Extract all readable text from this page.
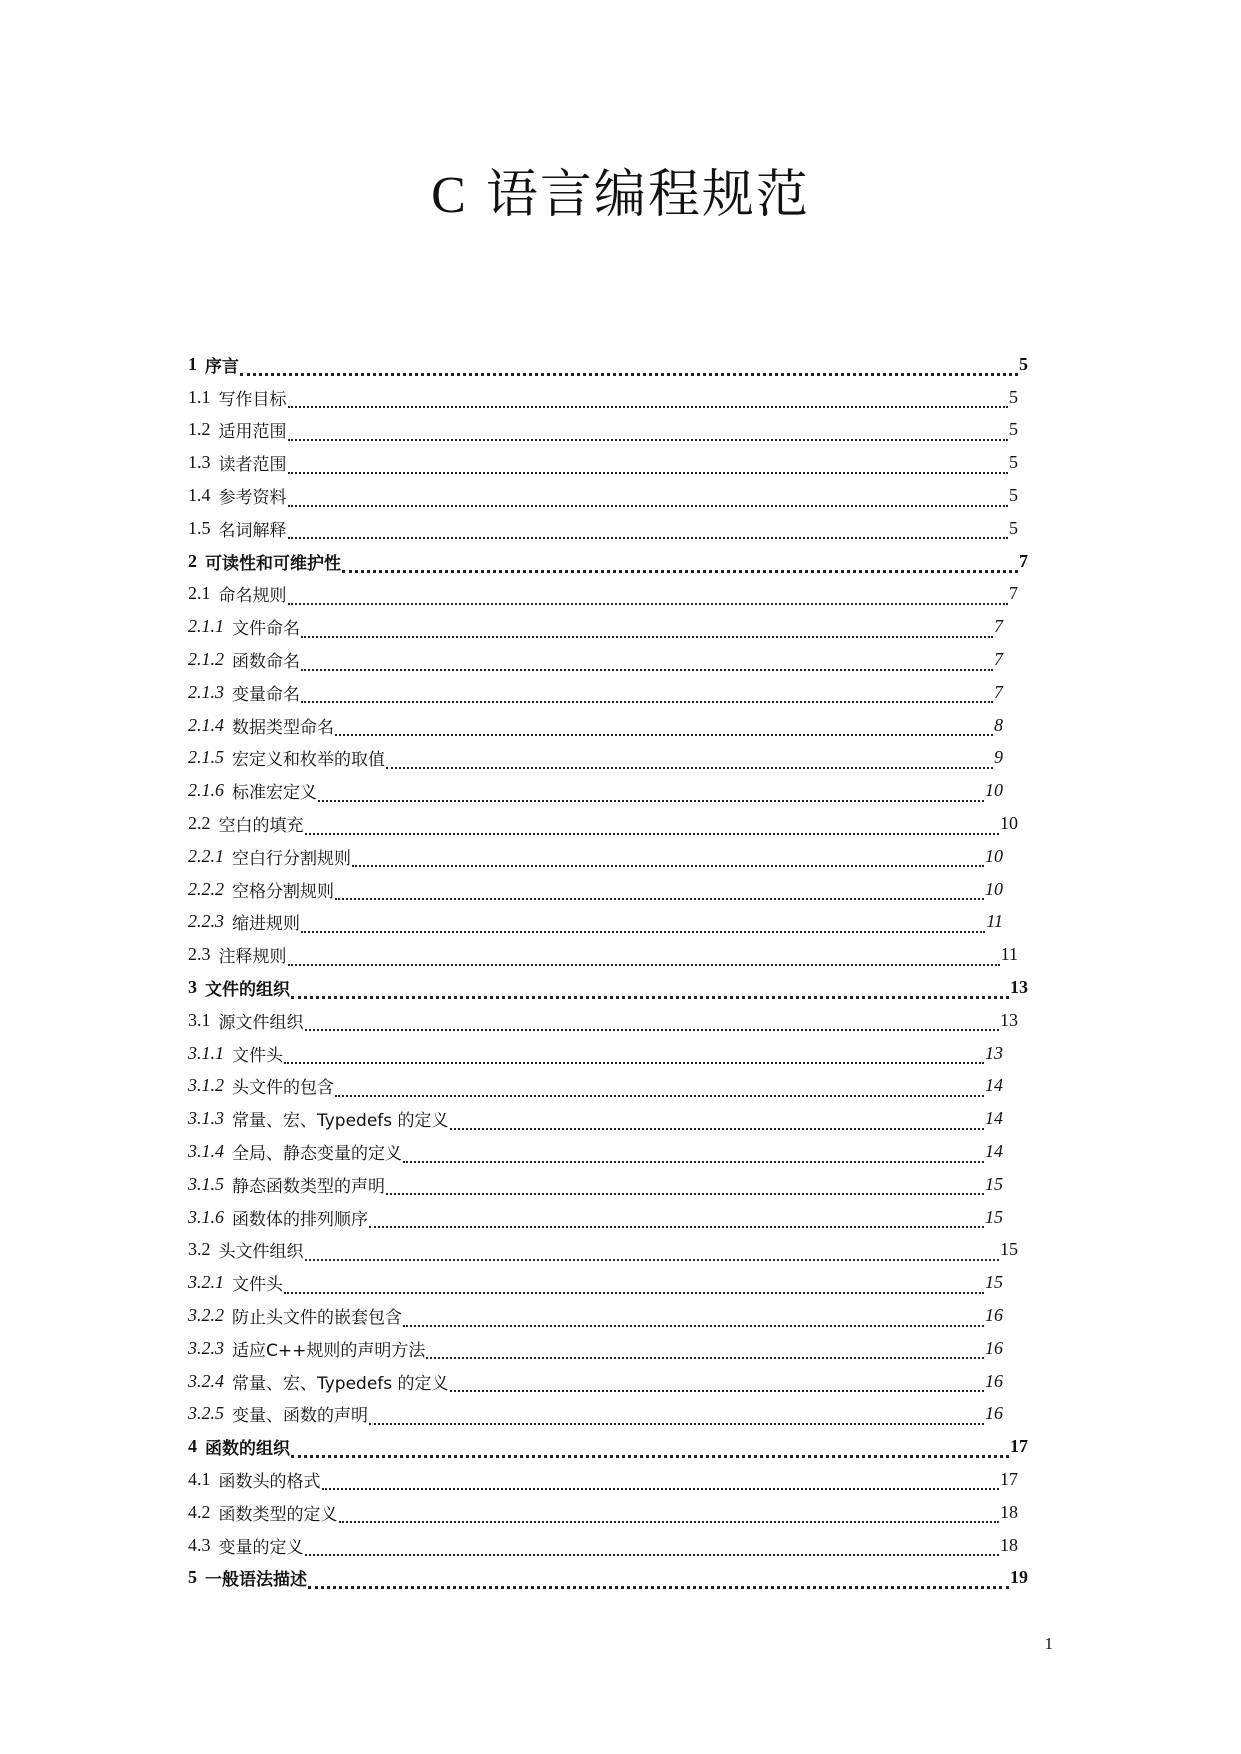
C 语言编程规范
1 序言	5
1.1 写作目标	5
1.2 适用范围	5
1.3 读者范围	5
1.4 参考资料	5
1.5 名词解释	5
2 可读性和可维护性	7
2.1 命名规则	7
2.1.1 文件命名	7
2.1.2 函数命名	7
2.1.3 变量命名	7
2.1.4 数据类型命名	8
2.1.5 宏定义和枚举的取值	9
2.1.6 标准宏定义	10
2.2 空白的填充	10
2.2.1 空白行分割规则	10
2.2.2 空格分割规则	10
2.2.3 缩进规则	11
2.3 注释规则	11
3 文件的组织	13
3.1 源文件组织	13
3.1.1 文件头	13
3.1.2 头文件的包含	14
3.1.3 常量、宏、Typedefs 的定义	14
3.1.4 全局、静态变量的定义	14
3.1.5 静态函数类型的声明	15
3.1.6 函数体的排列顺序	15
3.2 头文件组织	15
3.2.1 文件头	15
3.2.2 防止头文件的嵌套包含	16
3.2.3 适应C++规则的声明方法	16
3.2.4 常量、宏、Typedefs 的定义	16
3.2.5 变量、函数的声明	16
4 函数的组织	17
4.1 函数头的格式	17
4.2 函数类型的定义	18
4.3 变量的定义	18
5 一般语法描述	19
1
